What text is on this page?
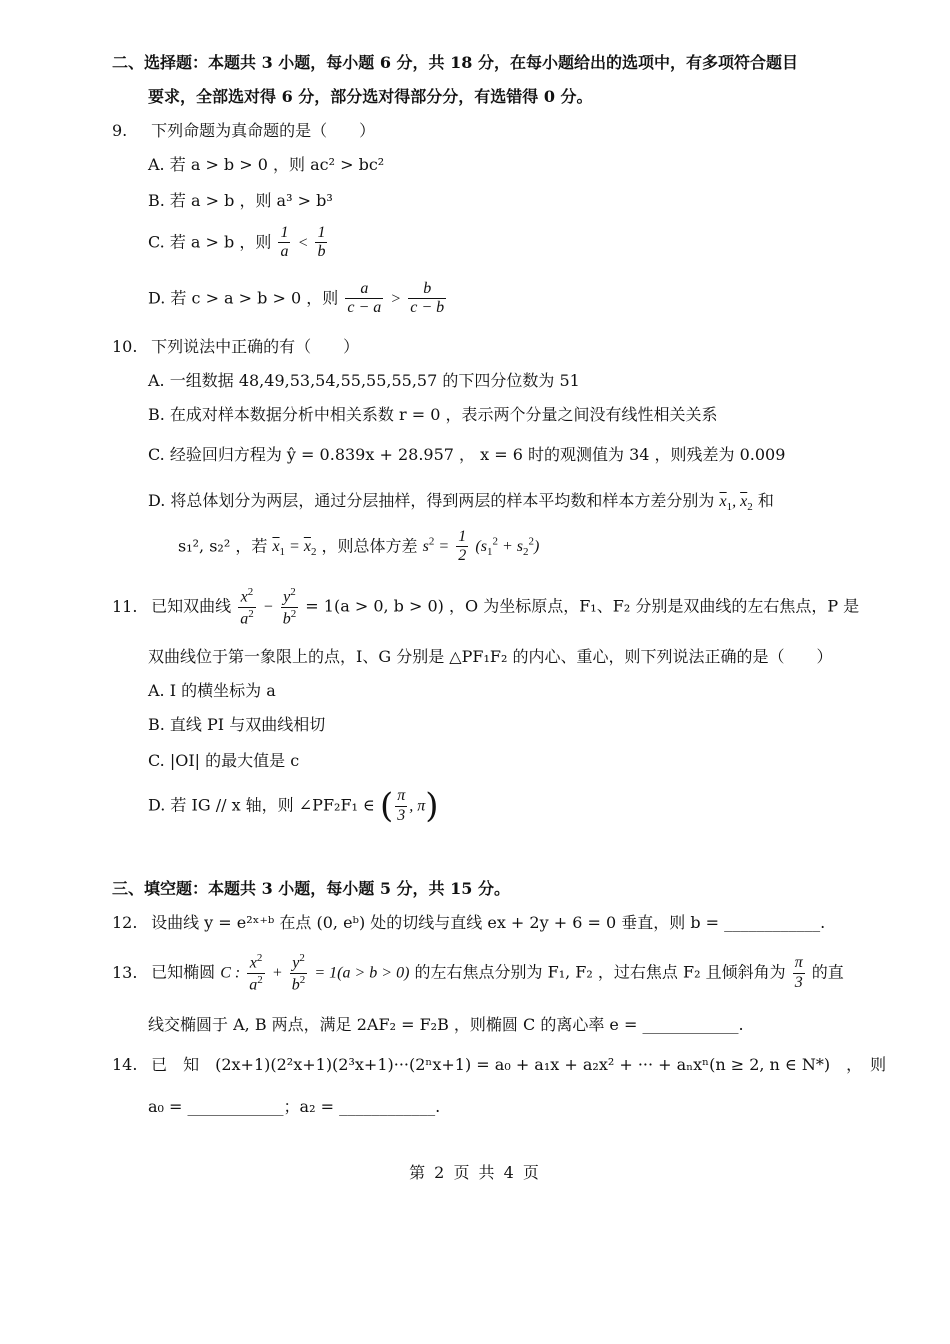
二、选择题：本题共 3 小题，每小题 6 分，共 18 分，在每小题给出的选项中，有多项符合题目
要求，全部选对得 6 分，部分选对得部分分，有选错得 0 分。
9. 下列命题为真命题的是（　　）
A. 若 a > b > 0 ，则 ac² > bc²
B. 若 a > b ，则 a³ > b³
C. 若 a > b ，则 $\frac{1}{a} < \frac{1}{b}$
D. 若 c > a > b > 0 ，则 $\frac{a}{c - a} > \frac{b}{c - b}$
10. 下列说法中正确的有（　　）
A. 一组数据 48,49,53,54,55,55,55,57 的下四分位数为 51
B. 在成对样本数据分析中相关系数 r = 0 ，表示两个分量之间没有线性相关关系
C. 经验回归方程为 ŷ = 0.839x + 28.957 ， x = 6 时的观测值为 34 ，则残差为 0.009
D. 将总体划分为两层，通过分层抽样，得到两层的样本平均数和样本方差分别为 $\overline{x}_1$, $\overline{x}_2$ 和
s₁², s₂² ，若 $\overline{x}_1 = \overline{x}_2$ ，则总体方差 $s^2 = \frac{1}{2} (s_1^2 + s_2^2)$
11. 已知双曲线 $\frac{x^2}{a^2} - \frac{y^2}{b^2} = 1(a > 0$, b > 0) ，O 为坐标原点，F₁、F₂ 分别是双曲线的左右焦点，P 是
双曲线位于第一象限上的点，I、G 分别是 △PF₁F₂ 的内心、重心，则下列说法正确的是（　　）
A. I 的横坐标为 a
B. 直线 PI 与双曲线相切
C. |OI| 的最大值是 c
D. 若 IG // x 轴，则 ∠PF₂F₁ ∈ ( $\frac{\pi}{3}$ , π)
三、填空题：本题共 3 小题，每小题 5 分，共 15 分。
12. 设曲线 y = e²ˣ⁺ᵇ 在点 (0, eᵇ) 处的切线与直线 ex + 2y + 6 = 0 垂直，则 b = ____________.
13. 已知椭圆 C : $\frac{x^2}{a^2} + \frac{y^2}{b^2} = 1(a > b > 0)$ 的左右焦点分别为 F₁, F₂ ，过右焦点 F₂ 且倾斜角为 $\frac{\pi}{3}$ 的直
线交椭圆于 A, B 两点，满足 2AF₂ = F₂B ，则椭圆 C 的离心率 e = ____________.
14. 已　知　(2x+1)(2²x+1)(2³x+1)···(2ⁿx+1) = a₀ + a₁x + a₂x² + ··· + aₙxⁿ(n ≥ 2, n ∈ N*)　，　则
a₀ = ____________；a₂ = ____________.
第 2 页 共 4 页
